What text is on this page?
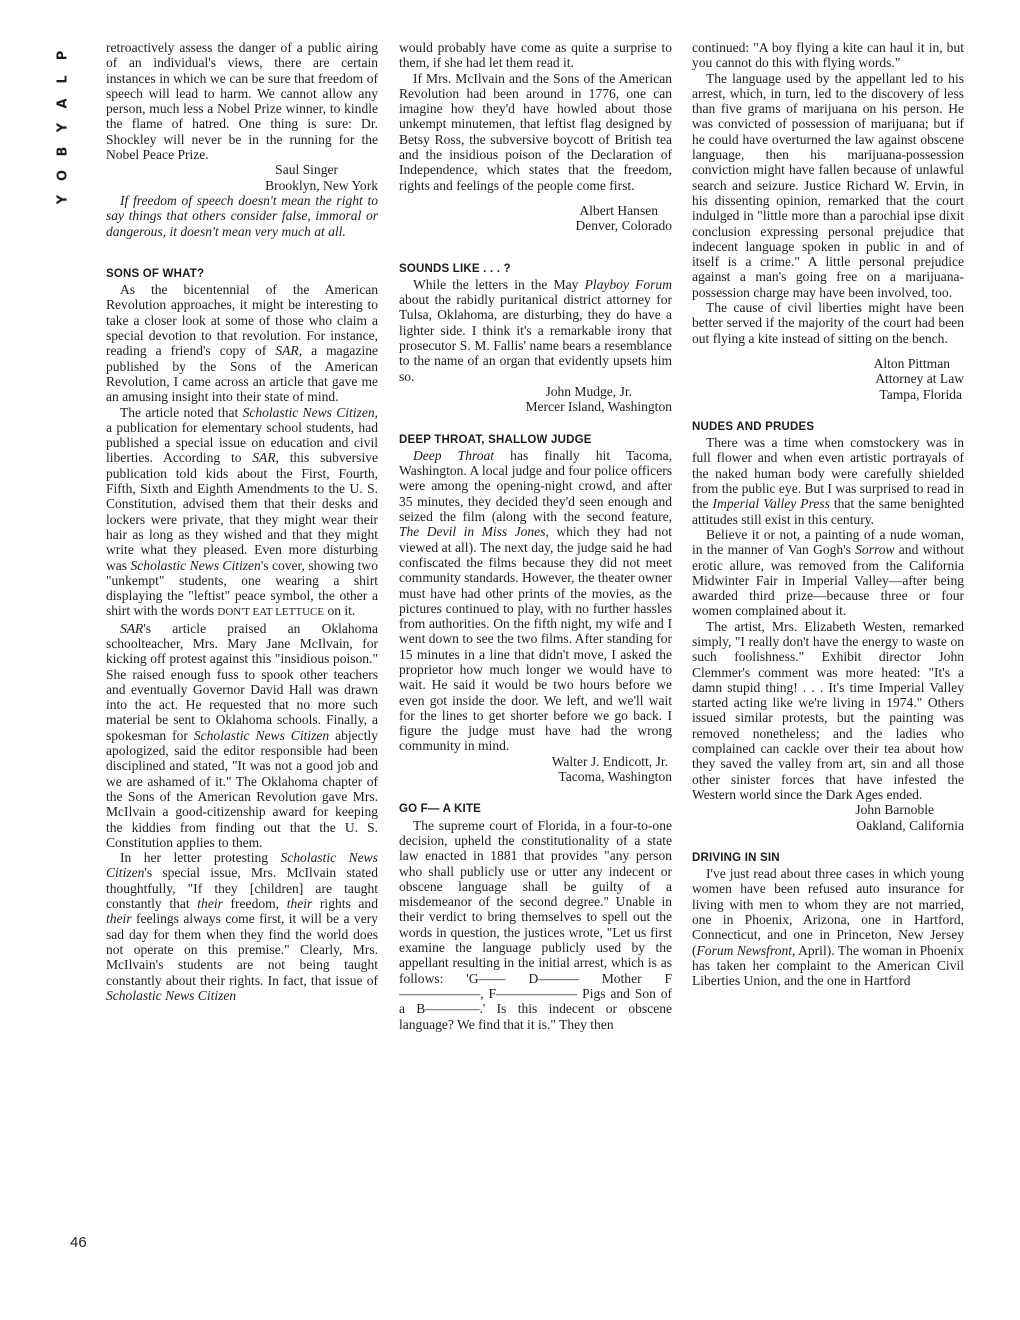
P
L
A
Y
B
O
Y
46

retroactively assess the danger of a public airing of an individual's views, there are certain instances in which we can be sure that freedom of speech will lead to harm. We cannot allow any person, much less a Nobel Prize winner, to kindle the flame of hatred. One thing is sure: Dr. Shockley will never be in the running for the Nobel Peace Prize.

Saul Singer

Brooklyn, New York

If freedom of speech doesn't mean the right to say things that others consider false, immoral or dangerous, it doesn't mean very much at all.

SONS OF WHAT?

As the bicentennial of the American Revolution approaches, it might be interesting to take a closer look at some of those who claim a special devotion to that revolution. For instance, reading a friend's copy of SAR, a magazine published by the Sons of the American Revolution, I came across an article that gave me an amusing insight into their state of mind.

The article noted that Scholastic News Citizen, a publication for elementary school students, had published a special issue on education and civil liberties. According to SAR, this subversive publication told kids about the First, Fourth, Fifth, Sixth and Eighth Amendments to the U. S. Constitution, advised them that their desks and lockers were private, that they might wear their hair as long as they wished and that they might write what they pleased. Even more disturbing was Scholastic News Citizen's cover, showing two "unkempt" students, one wearing a shirt displaying the "leftist" peace symbol, the other a shirt with the words DON'T EAT LETTUCE on it.

SAR's article praised an Oklahoma schoolteacher, Mrs. Mary Jane McIlvain, for kicking off protest against this "insidious poison." She raised enough fuss to spook other teachers and eventually Governor David Hall was drawn into the act. He requested that no more such material be sent to Oklahoma schools. Finally, a spokesman for Scholastic News Citizen abjectly apologized, said the editor responsible had been disciplined and stated, "It was not a good job and we are ashamed of it." The Oklahoma chapter of the Sons of the American Revolution gave Mrs. McIlvain a good-citizenship award for keeping the kiddies from finding out that the U. S. Constitution applies to them.

In her letter protesting Scholastic News Citizen's special issue, Mrs. McIlvain stated thoughtfully, "If they [children] are taught constantly that their freedom, their rights and their feelings always come first, it will be a very sad day for them when they find the world does not operate on this premise." Clearly, Mrs. McIlvain's students are not being taught constantly about their rights. In fact, that issue of Scholastic News Citizen

would probably have come as quite a surprise to them, if she had let them read it.

If Mrs. McIlvain and the Sons of the American Revolution had been around in 1776, one can imagine how they'd have howled about those unkempt minutemen, that leftist flag designed by Betsy Ross, the subversive boycott of British tea and the insidious poison of the Declaration of Independence, which states that the freedom, rights and feelings of the people come first.

Albert Hansen

Denver, Colorado

SOUNDS LIKE . . . ?

While the letters in the May Playboy Forum about the rabidly puritanical district attorney for Tulsa, Oklahoma, are disturbing, they do have a lighter side. I think it's a remarkable irony that prosecutor S. M. Fallis' name bears a resemblance to the name of an organ that evidently upsets him so.

John Mudge, Jr.

Mercer Island, Washington

DEEP THROAT, SHALLOW JUDGE

Deep Throat has finally hit Tacoma, Washington. A local judge and four police officers were among the opening-night crowd, and after 35 minutes, they decided they'd seen enough and seized the film (along with the second feature, The Devil in Miss Jones, which they had not viewed at all). The next day, the judge said he had confiscated the films because they did not meet community standards. However, the theater owner must have had other prints of the movies, as the pictures continued to play, with no further hassles from authorities. On the fifth night, my wife and I went down to see the two films. After standing for 15 minutes in a line that didn't move, I asked the proprietor how much longer we would have to wait. He said it would be two hours before we even got inside the door. We left, and we'll wait for the lines to get shorter before we go back. I figure the judge must have had the wrong community in mind.

Walter J. Endicott, Jr.

Tacoma, Washington

GO F— A KITE

The supreme court of Florida, in a four-to-one decision, upheld the constitutionality of a state law enacted in 1881 that provides "any person who shall publicly use or utter any indecent or obscene language shall be guilty of a misdemeanor of the second degree." Unable in their verdict to bring themselves to spell out the words in question, the justices wrote, "Let us first examine the language publicly used by the appellant resulting in the initial arrest, which is as follows: 'G—— D——— Mother F——————, F—————— Pigs and Son of a B————.' Is this indecent or obscene language? We find that it is." They then

continued: "A boy flying a kite can haul it in, but you cannot do this with flying words."

The language used by the appellant led to his arrest, which, in turn, led to the discovery of less than five grams of marijuana on his person. He was convicted of possession of marijuana; but if he could have overturned the law against obscene language, then his marijuana-possession conviction might have fallen because of unlawful search and seizure. Justice Richard W. Ervin, in his dissenting opinion, remarked that the court indulged in "little more than a parochial ipse dixit conclusion expressing personal prejudice that indecent language spoken in public in and of itself is a crime." A little personal prejudice against a man's going free on a marijuana-possession charge may have been involved, too.

The cause of civil liberties might have been better served if the majority of the court had been out flying a kite instead of sitting on the bench.

Alton Pittman

Attorney at Law

Tampa, Florida

NUDES AND PRUDES

There was a time when comstockery was in full flower and when even artistic portrayals of the naked human body were carefully shielded from the public eye. But I was surprised to read in the Imperial Valley Press that the same benighted attitudes still exist in this century.

Believe it or not, a painting of a nude woman, in the manner of Van Gogh's Sorrow and without erotic allure, was removed from the California Midwinter Fair in Imperial Valley—after being awarded third prize—because three or four women complained about it.

The artist, Mrs. Elizabeth Westen, remarked simply, "I really don't have the energy to waste on such foolishness." Exhibit director John Clemmer's comment was more heated: "It's a damn stupid thing! . . . It's time Imperial Valley started acting like we're living in 1974." Others issued similar protests, but the painting was removed nonetheless; and the ladies who complained can cackle over their tea about how they saved the valley from art, sin and all those other sinister forces that have infested the Western world since the Dark Ages ended.

John Barnoble

Oakland, California

DRIVING IN SIN

I've just read about three cases in which young women have been refused auto insurance for living with men to whom they are not married, one in Phoenix, Arizona, one in Hartford, Connecticut, and one in Princeton, New Jersey (Forum Newsfront, April). The woman in Phoenix has taken her complaint to the American Civil Liberties Union, and the one in Hartford
